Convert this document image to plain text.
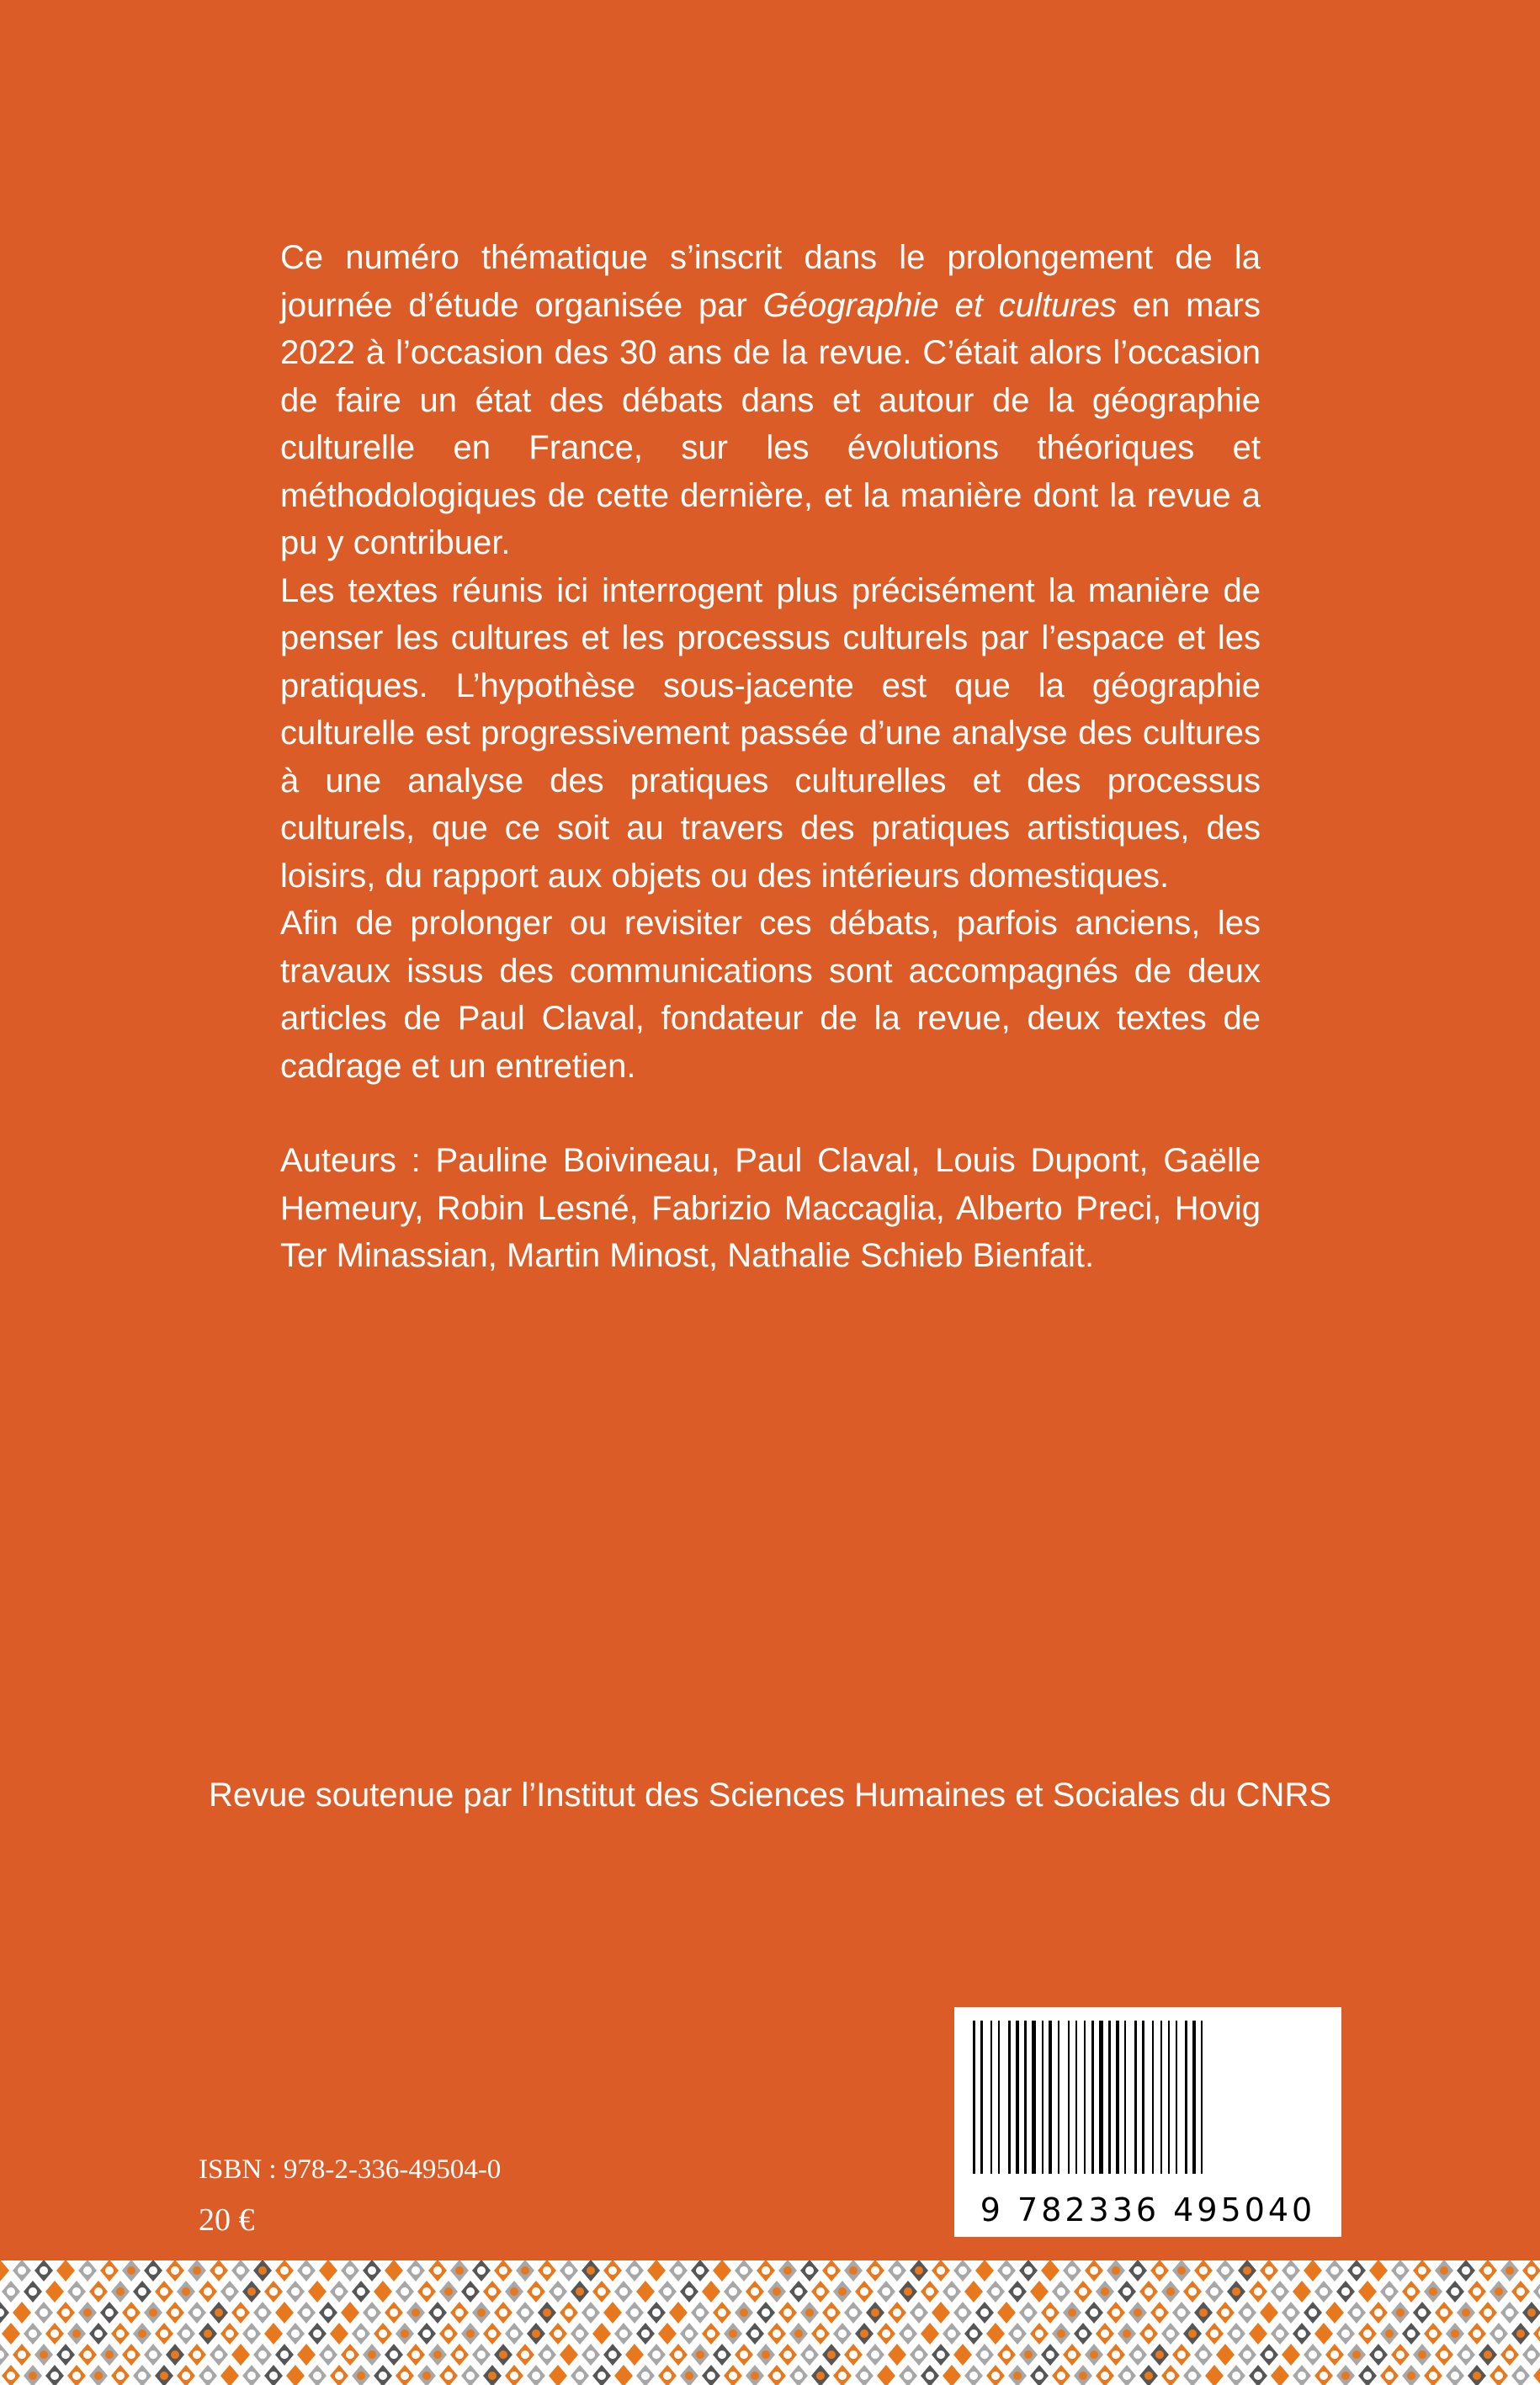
Ce numéro thématique s’inscrit dans le prolongement de la journée d’étude organisée par Géographie et cultures en mars 2022 à l’occasion des 30 ans de la revue. C’était alors l’occasion de faire un état des débats dans et autour de la géographie culturelle en France, sur les évolutions théoriques et méthodologiques de cette dernière, et la manière dont la revue a pu y contribuer.

Les textes réunis ici interrogent plus précisément la manière de penser les cultures et les processus culturels par l’espace et les pratiques. L’hypothèse sous-jacente est que la géographie culturelle est progressivement passée d’une analyse des cultures à une analyse des pratiques culturelles et des processus culturels, que ce soit au travers des pratiques artistiques, des loisirs, du rapport aux objets ou des intérieurs domestiques.

Afin de prolonger ou revisiter ces débats, parfois anciens, les travaux issus des communications sont accompagnés de deux articles de Paul Claval, fondateur de la revue, deux textes de cadrage et un entretien.

Auteurs : Pauline Boivineau, Paul Claval, Louis Dupont, Gaëlle Hemeury, Robin Lesné, Fabrizio Maccaglia, Alberto Preci, Hovig Ter Minassian, Martin Minost, Nathalie Schieb Bienfait.

Revue soutenue par l’Institut des Sciences Humaines et Sociales du CNRS
ISBN : 978-2-336-49504-0
20 €	9 782336 495040
